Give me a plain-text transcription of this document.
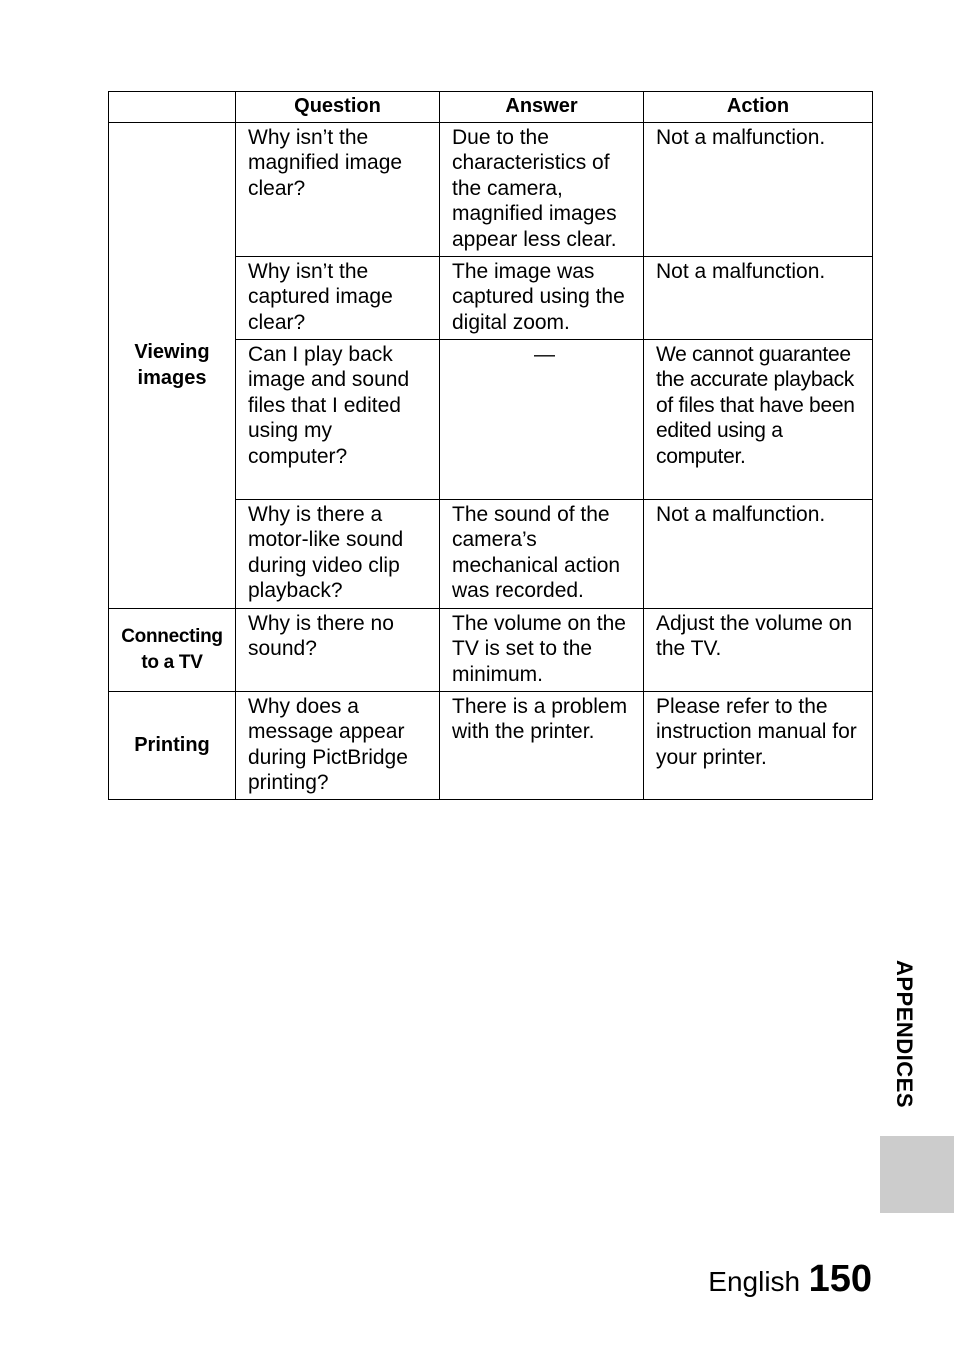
	Question	Answer	Action
Viewing images	Why isn’t the magnified image clear?	Due to the characteristics of the camera, magnified images appear less clear.	Not a malfunction.
	Why isn’t the captured image clear?	The image was captured using the digital zoom.	Not a malfunction.
	Can I play back image and sound files that I edited using my computer?	—	We cannot guarantee the accurate playback of files that have been edited using a computer.
	Why is there a motor-like sound during video clip playback?	The sound of the camera’s mechanical action was recorded.	Not a malfunction.
Connecting to a TV	Why is there no sound?	The volume on the TV is set to the minimum.	Adjust the volume on the TV.
Printing	Why does a message appear during PictBridge printing?	There is a problem with the printer.	Please refer to the instruction manual for your printer.
APPENDICES
English 150
